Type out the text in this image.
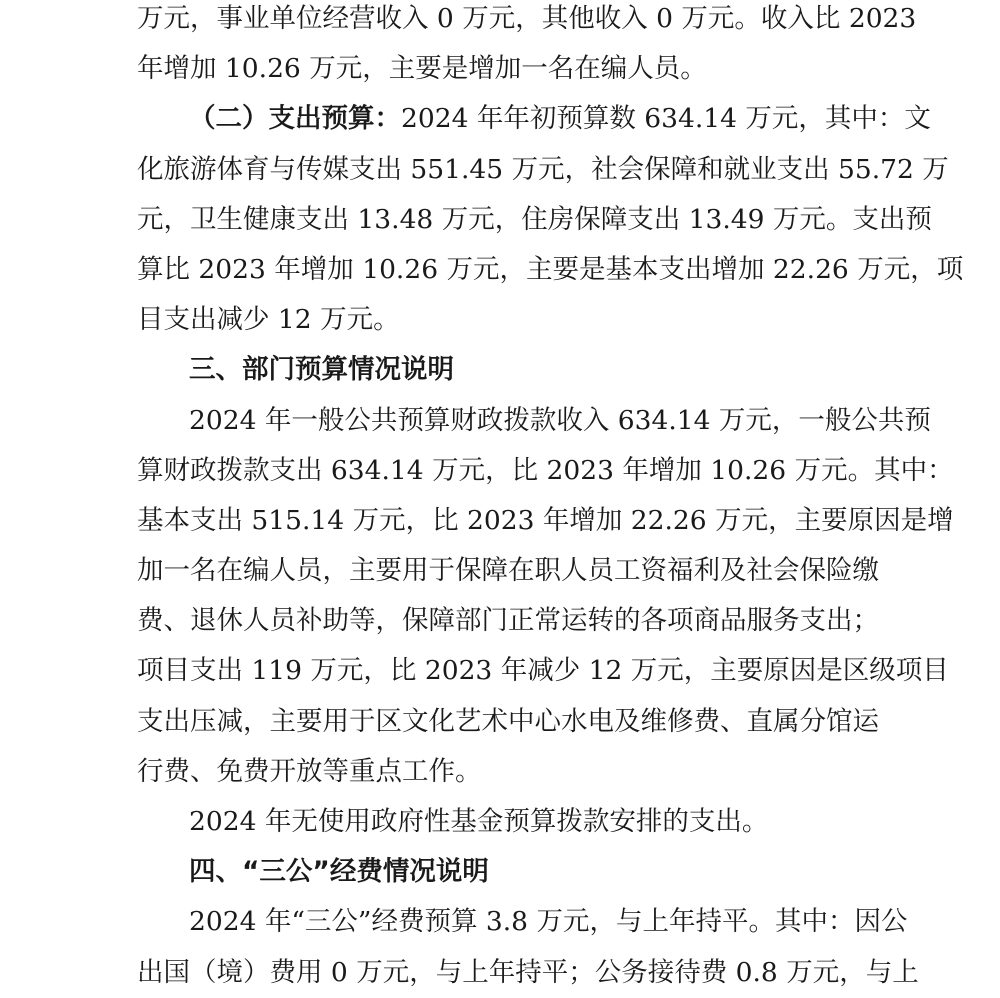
万元，事业单位经营收入 0 万元，其他收入 0 万元。收入比 2023
年增加 10.26 万元，主要是增加一名在编人员。
（二）支出预算：2024 年年初预算数 634.14 万元，其中：文
化旅游体育与传媒支出 551.45 万元，社会保障和就业支出 55.72 万
元，卫生健康支出 13.48 万元，住房保障支出 13.49 万元。支出预
算比 2023 年增加 10.26 万元，主要是基本支出增加 22.26 万元，项
目支出减少 12 万元。
三、部门预算情况说明
2024 年一般公共预算财政拨款收入 634.14 万元，一般公共预
算财政拨款支出 634.14 万元，比 2023 年增加 10.26 万元。其中：
基本支出 515.14 万元，比 2023 年增加 22.26 万元，主要原因是增
加一名在编人员，主要用于保障在职人员工资福利及社会保险缴
费、退休人员补助等，保障部门正常运转的各项商品服务支出；
项目支出 119 万元，比 2023 年减少 12 万元，主要原因是区级项目
支出压减，主要用于区文化艺术中心水电及维修费、直属分馆运
行费、免费开放等重点工作。
2024 年无使用政府性基金预算拨款安排的支出。
四、“三公”经费情况说明
2024 年“三公”经费预算 3.8 万元，与上年持平。其中：因公
出国（境）费用 0 万元，与上年持平；公务接待费 0.8 万元，与上
